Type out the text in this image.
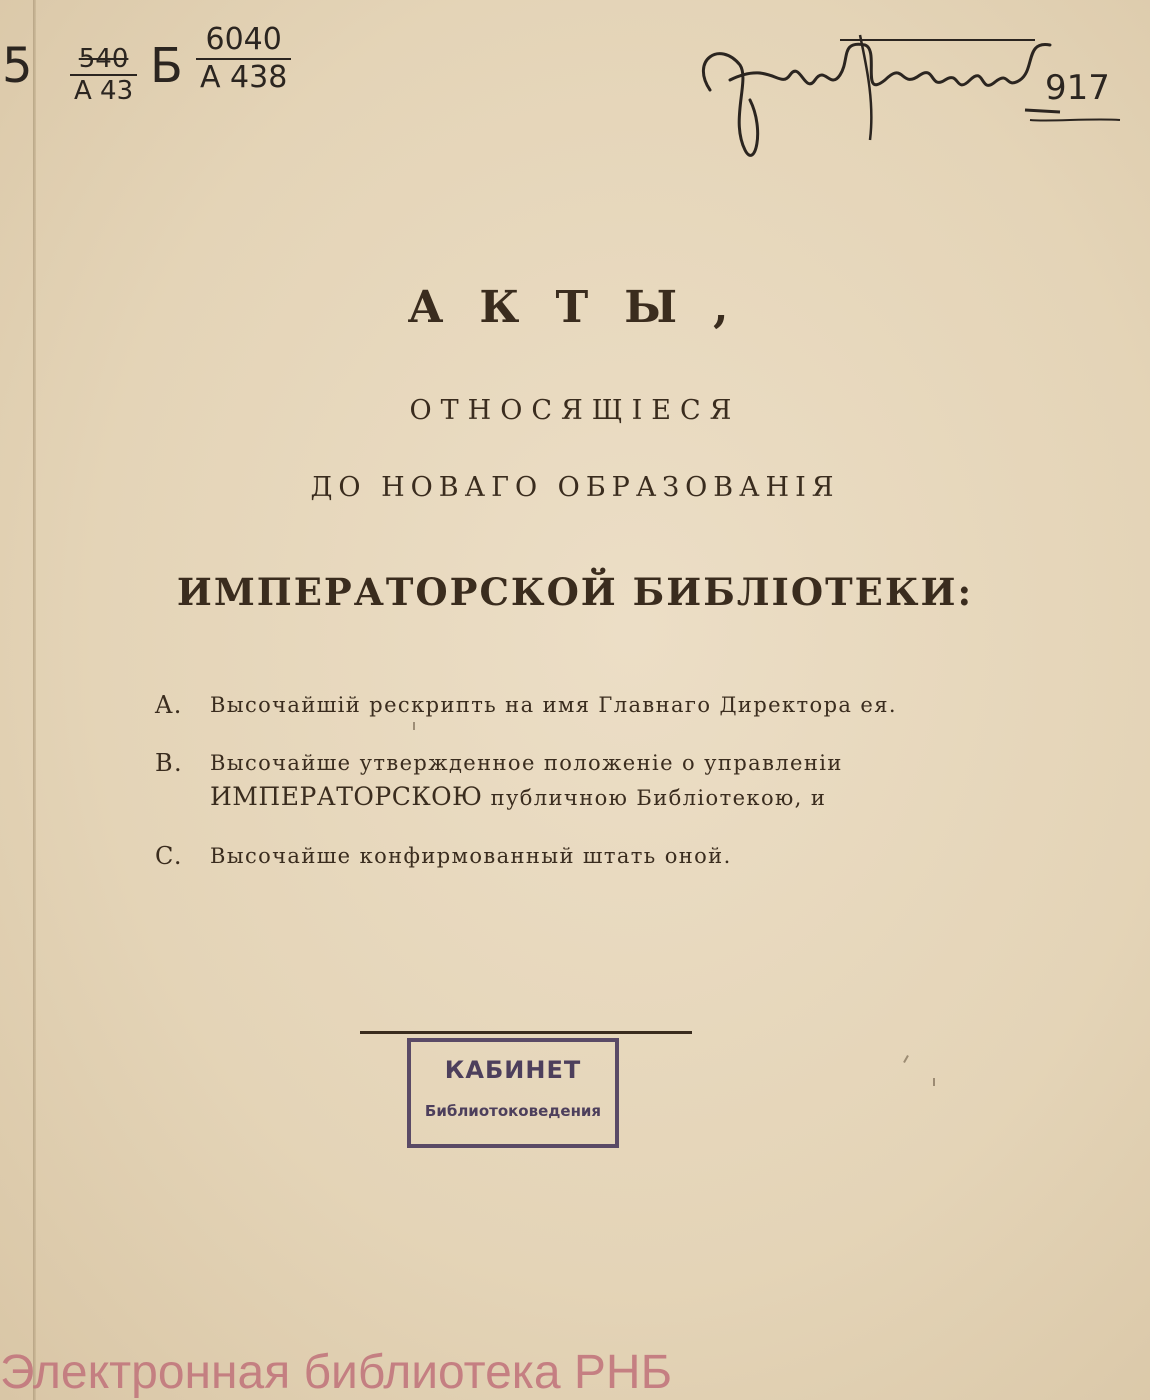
5	540
А 43 Б 6040
А 438	917
АКТЫ,
ОТНОСЯЩІЕСЯ
ДО НОВАГО ОБРАЗОВАНІЯ
ИМПЕРАТОРСКОЙ БИБЛІОТЕКИ:
A. Высочайшій рескрипть на имя Главнаго Директора ея.
B. Высочайше утвержденное положеніе о управленіи
ИМПЕРАТОРСКОЮ публичною Библіотекою, и
C. Высочайше конфирмованный штать оной.
КАБИНЕТ
Библиотоковедения
Электронная библиотека РНБ
